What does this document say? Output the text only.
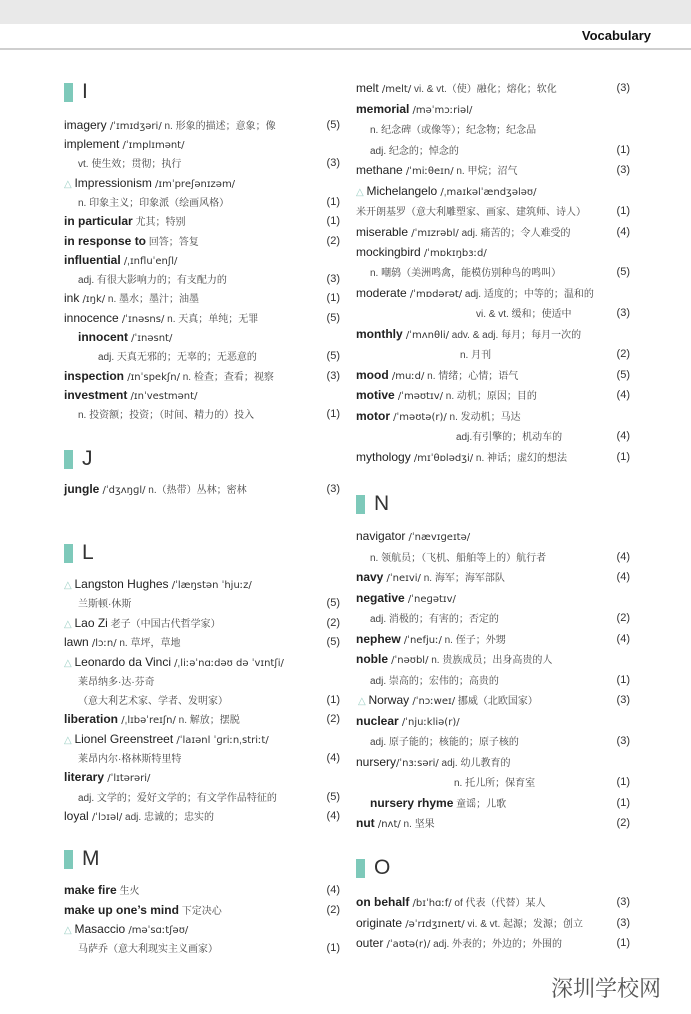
Vocabulary
I
J
L
M
imagery /ˈɪmɪdʒəri/ n. 形象的描述；意象；像	(5)
implement /ˈɪmplɪmənt/
vt. 使生效；贯彻；执行	(3)
△ Impressionism /ɪmˈpreʃənɪzəm/
n. 印象主义；印象派（绘画风格）	(1)
in particular 尤其；特别	(1)
in response to 回答；答复	(2)
influential /ˌɪnfluˈenʃl/
adj. 有很大影响力的；有支配力的	(3)
ink /ɪŋk/ n. 墨水；墨汁；油墨	(1)
innocence /ˈɪnəsns/ n. 天真；单纯；无罪	(5)
innocent /ˈɪnəsnt/
adj. 天真无邪的；无辜的；无恶意的	(5)
inspection /ɪnˈspekʃn/ n. 检查；查看；视察	(3)
investment /ɪnˈvestmənt/
n. 投资额；投资；（时间、精力的）投入	(1)
jungle /ˈdʒʌŋɡl/ n.（热带）丛林；密林	(3)
△ Langston Hughes /ˈlæŋstən ˈhjuːz/
兰斯顿·休斯	(5)
△ Lao Zi 老子（中国古代哲学家）	(2)
lawn /lɔːn/ n. 草坪，草地	(5)
△ Leonardo da Vinci /ˌliːəˈnɑːdəʊ də ˈvɪntʃi/
莱昂纳多·达·芬奇
（意大利艺术家、学者、发明家）	(1)
liberation /ˌlɪbəˈreɪʃn/ n. 解放；摆脱	(2)
△ Lionel Greenstreet /ˈlaɪənl ˈɡriːnˌstriːt/
莱昂内尔·格林斯特里特	(4)
literary /ˈlɪtərəri/
adj. 文学的；爱好文学的；有文学作品特征的	(5)
loyal /ˈlɔɪəl/ adj. 忠诚的；忠实的	(4)
make fire 生火	(4)
make up one’s mind 下定决心	(2)
△ Masaccio /məˈsɑːtʃəʊ/
马萨乔（意大利现实主义画家）	(1)
N
O
melt /melt/ vi. & vt.（使）融化；熔化；软化	(3)
memorial /məˈmɔːriəl/
n. 纪念碑（或像等）；纪念物；纪念品
adj. 纪念的；悼念的	(1)
methane /ˈmiːθeɪn/ n. 甲烷；沼气	(3)
△ Michelangelo /ˌmaɪkəlˈændʒələʊ/
米开朗基罗（意大利雕塑家、画家、建筑师、诗人）	(1)
miserable /ˈmɪzrəbl/ adj. 痛苦的；令人难受的	(4)
mockingbird /ˈmɒkɪŋbɜːd/
n. 嘲鸫（美洲鸣禽，能模仿别种鸟的鸣叫）	(5)
moderate /ˈmɒdərət/ adj. 适度的；中等的；温和的
vi. & vt. 缓和；使适中	(3)
monthly /ˈmʌnθli/ adv. & adj. 每月；每月一次的
n. 月刊	(2)
mood /muːd/ n. 情绪；心情；语气	(5)
motive /ˈməʊtɪv/ n. 动机；原因；目的	(4)
motor /ˈməʊtə(r)/ n. 发动机；马达
adj.有引擎的；机动车的	(4)
mythology /mɪˈθɒlədʒi/ n. 神话；虚幻的想法	(1)
navigator /ˈnævɪɡeɪtə/
n. 领航员；（飞机、船舶等上的）航行者	(4)
navy /ˈneɪvi/ n. 海军；海军部队	(4)
negative /ˈneɡətɪv/
adj. 消极的；有害的；否定的	(2)
nephew /ˈnefjuː/ n. 侄子；外甥	(4)
noble /ˈnəʊbl/ n. 贵族成员；出身高贵的人
adj. 崇高的；宏伟的；高贵的	(1)
△ Norway /ˈnɔːweɪ/ 挪威（北欧国家）	(3)
nuclear /ˈnjuːkliə(r)/
adj. 原子能的；核能的；原子核的	(3)
nursery/ˈnɜːsəri/ adj. 幼儿教育的
n. 托儿所；保育室	(1)
nursery rhyme 童谣；儿歌	(1)
nut /nʌt/ n. 坚果	(2)
on behalf /bɪˈhɑːf/ of 代表（代替）某人	(3)
originate /əˈrɪdʒɪneɪt/ vi. & vt. 起源；发源；创立	(3)
outer /ˈaʊtə(r)/ adj. 外表的；外边的；外围的	(1)
深圳学校网
